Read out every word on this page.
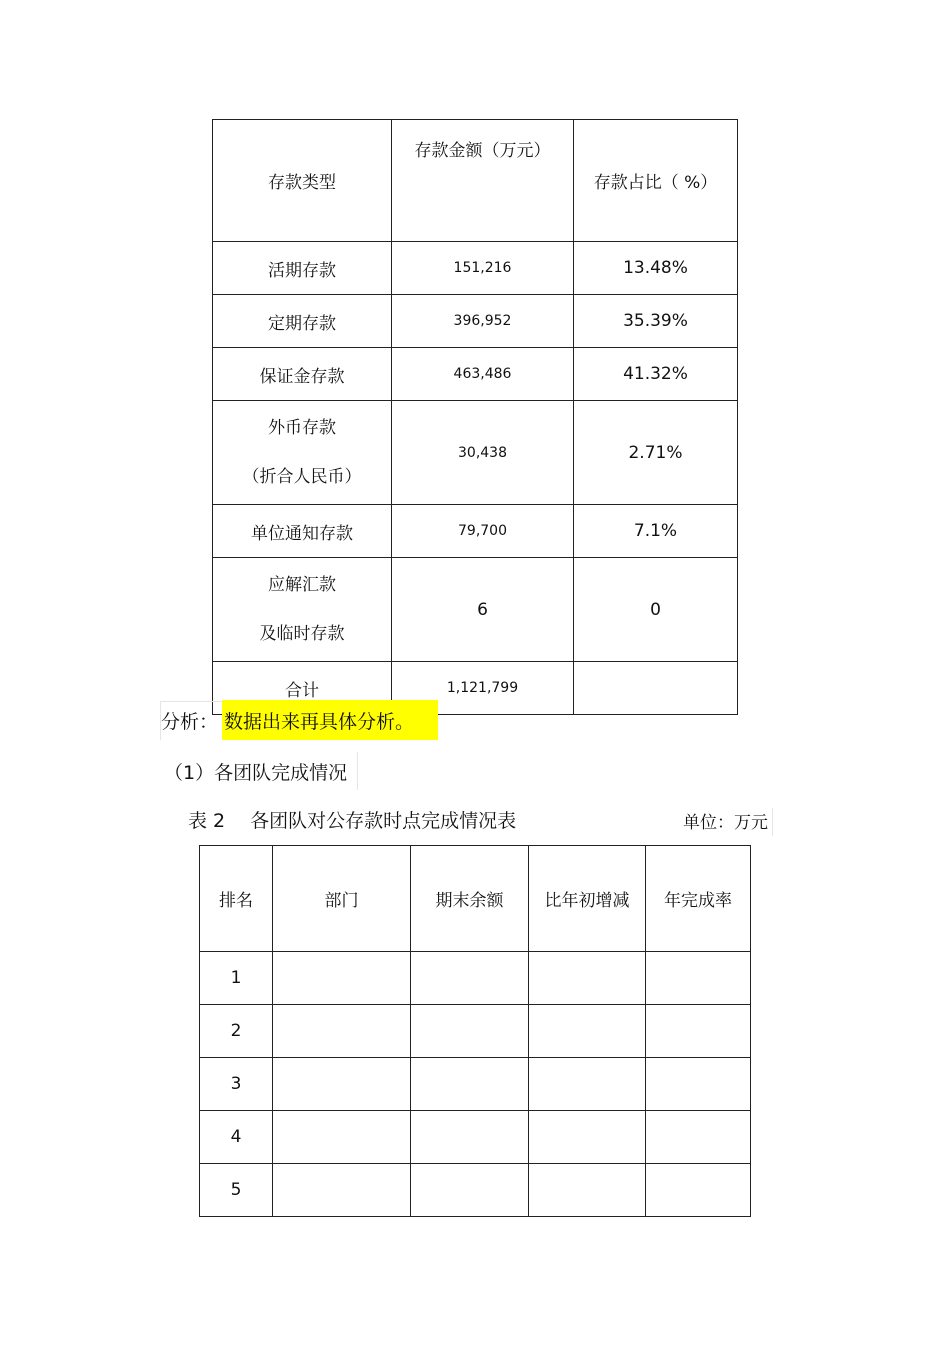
存款类型	存款金额（万元）	存款占比（ %）
活期存款	151,216	13.48%
定期存款	396,952	35.39%
保证金存款	463,486	41.32%

外币存款
（折合人民币）	30,438	2.71%
单位通知存款	79,700	7.1%

应解汇款
及临时存款	6	0
合计	1,121,799	
分析： 数据出来再具体分析。
（1）各团队完成情况
表 2　 各团队对公存款时点完成情况表	单位：万元
排名	部门	期末余额	比年初增减	年完成率
1				
2				
3				
4				
5				
